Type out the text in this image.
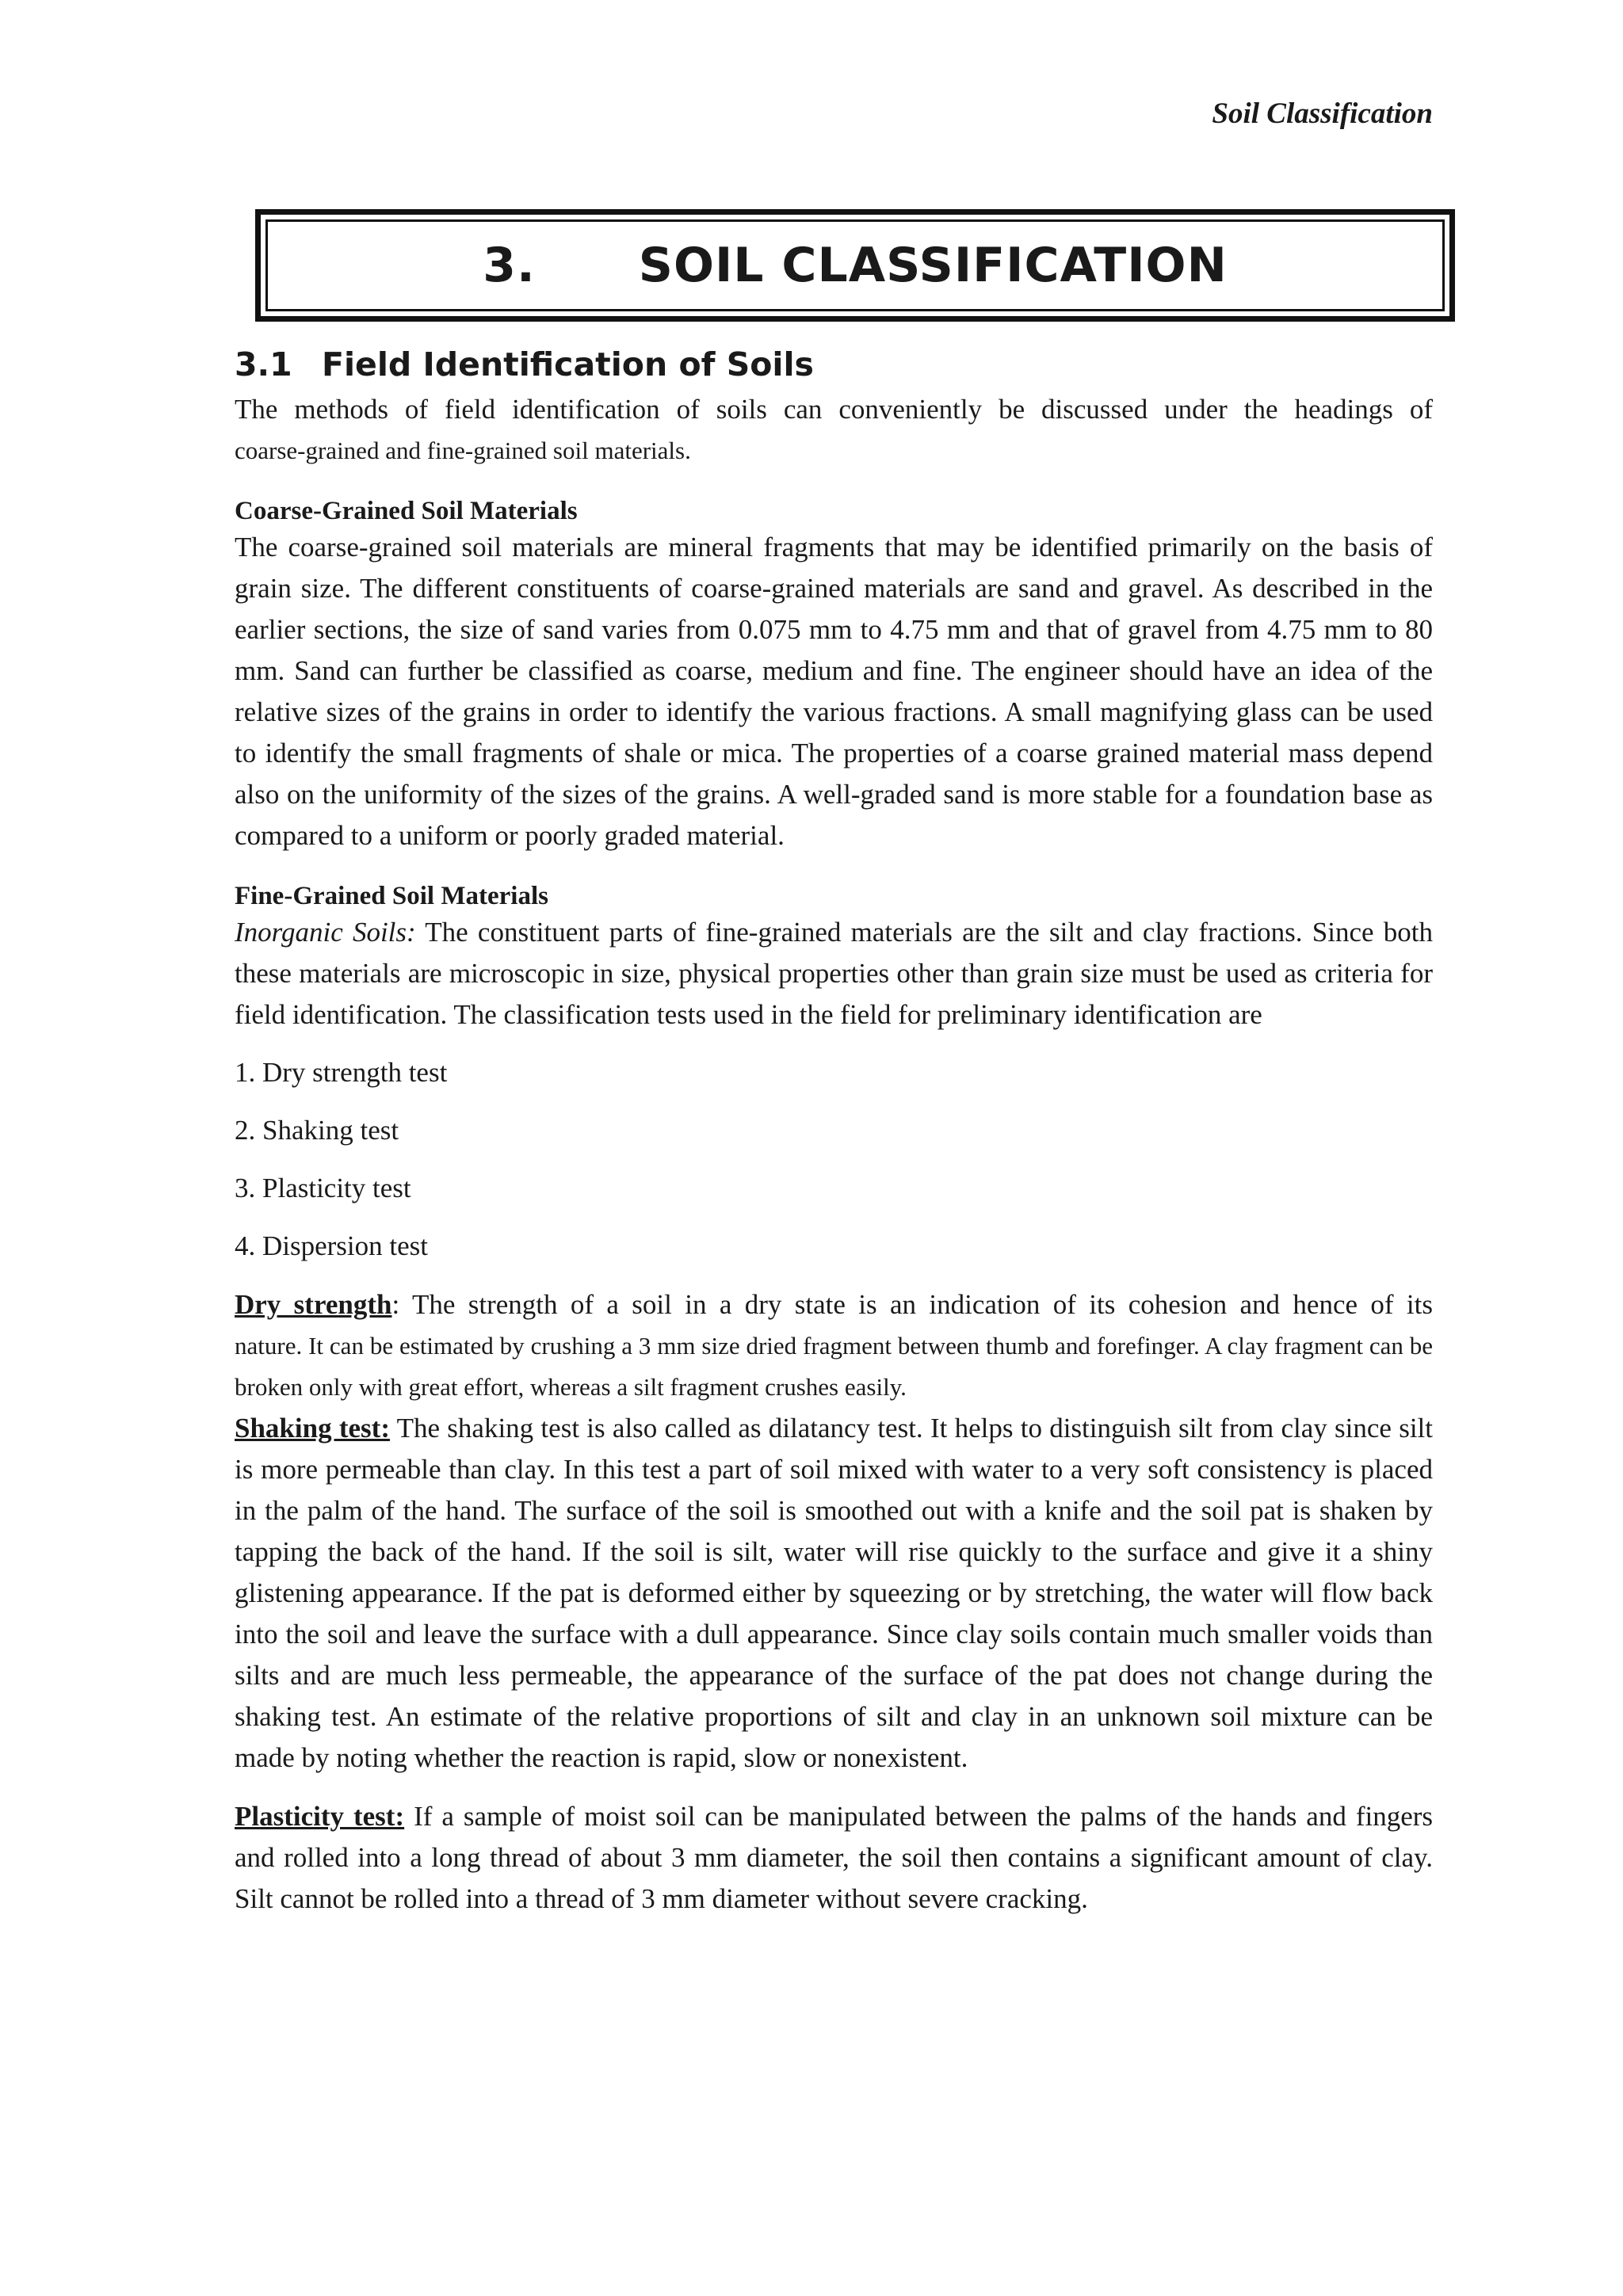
Soil Classification
3. SOIL CLASSIFICATION
3.1 Field Identification of Soils

The methods of field identification of soils can conveniently be discussed under the headings of

coarse-grained and fine-grained soil materials.

Coarse-Grained Soil Materials

The coarse-grained soil materials are mineral fragments that may be identified primarily on the basis of grain size. The different constituents of coarse-grained materials are sand and gravel. As described in the earlier sections, the size of sand varies from 0.075 mm to 4.75 mm and that of gravel from 4.75 mm to 80 mm. Sand can further be classified as coarse, medium and fine. The engineer should have an idea of the relative sizes of the grains in order to identify the various fractions. A small magnifying glass can be used to identify the small fragments of shale or mica. The properties of a coarse grained material mass depend also on the uniformity of the sizes of the grains. A well-graded sand is more stable for a foundation base as compared to a uniform or poorly graded material.

Fine-Grained Soil Materials

Inorganic Soils: The constituent parts of fine-grained materials are the silt and clay fractions. Since both these materials are microscopic in size, physical properties other than grain size must be used as criteria for field identification. The classification tests used in the field for preliminary identification are

1. Dry strength test
2. Shaking test
3. Plasticity test
4. Dispersion test

Dry strength: The strength of a soil in a dry state is an indication of its cohesion and hence of its

nature. It can be estimated by crushing a 3 mm size dried fragment between thumb and forefinger. A clay fragment can be broken only with great effort, whereas a silt fragment crushes easily.

Shaking test: The shaking test is also called as dilatancy test. It helps to distinguish silt from clay since silt is more permeable than clay. In this test a part of soil mixed with water to a very soft consistency is placed in the palm of the hand. The surface of the soil is smoothed out with a knife and the soil pat is shaken by tapping the back of the hand. If the soil is silt, water will rise quickly to the surface and give it a shiny glistening appearance. If the pat is deformed either by squeezing or by stretching, the water will flow back into the soil and leave the surface with a dull appearance. Since clay soils contain much smaller voids than silts and are much less permeable, the appearance of the surface of the pat does not change during the shaking test. An estimate of the relative proportions of silt and clay in an unknown soil mixture can be made by noting whether the reaction is rapid, slow or nonexistent.

Plasticity test: If a sample of moist soil can be manipulated between the palms of the hands and fingers and rolled into a long thread of about 3 mm diameter, the soil then contains a significant amount of clay. Silt cannot be rolled into a thread of 3 mm diameter without severe cracking.
